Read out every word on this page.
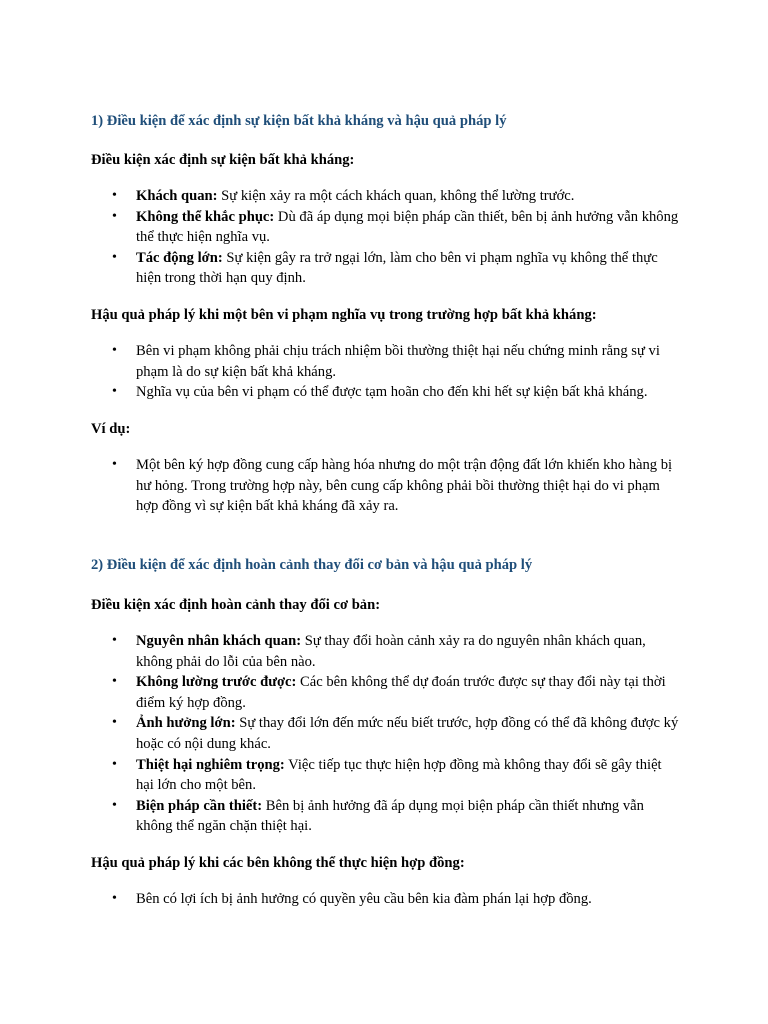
1) Điều kiện để xác định sự kiện bất khả kháng và hậu quả pháp lý

Điều kiện xác định sự kiện bất khả kháng:

• Khách quan: Sự kiện xảy ra một cách khách quan, không thể lường trước.
• Không thể khắc phục: Dù đã áp dụng mọi biện pháp cần thiết, bên bị ảnh hưởng vẫn không thể thực hiện nghĩa vụ.
• Tác động lớn: Sự kiện gây ra trở ngại lớn, làm cho bên vi phạm nghĩa vụ không thể thực hiện trong thời hạn quy định.

Hậu quả pháp lý khi một bên vi phạm nghĩa vụ trong trường hợp bất khả kháng:

• Bên vi phạm không phải chịu trách nhiệm bồi thường thiệt hại nếu chứng minh rằng sự vi phạm là do sự kiện bất khả kháng.
• Nghĩa vụ của bên vi phạm có thể được tạm hoãn cho đến khi hết sự kiện bất khả kháng.

Ví dụ:

• Một bên ký hợp đồng cung cấp hàng hóa nhưng do một trận động đất lớn khiến kho hàng bị hư hỏng. Trong trường hợp này, bên cung cấp không phải bồi thường thiệt hại do vi phạm hợp đồng vì sự kiện bất khả kháng đã xảy ra.
2) Điều kiện để xác định hoàn cảnh thay đổi cơ bản và hậu quả pháp lý

Điều kiện xác định hoàn cảnh thay đổi cơ bản:

• Nguyên nhân khách quan: Sự thay đổi hoàn cảnh xảy ra do nguyên nhân khách quan, không phải do lỗi của bên nào.
• Không lường trước được: Các bên không thể dự đoán trước được sự thay đổi này tại thời điểm ký hợp đồng.
• Ảnh hưởng lớn: Sự thay đổi lớn đến mức nếu biết trước, hợp đồng có thể đã không được ký hoặc có nội dung khác.
• Thiệt hại nghiêm trọng: Việc tiếp tục thực hiện hợp đồng mà không thay đổi sẽ gây thiệt hại lớn cho một bên.
• Biện pháp cần thiết: Bên bị ảnh hưởng đã áp dụng mọi biện pháp cần thiết nhưng vẫn không thể ngăn chặn thiệt hại.

Hậu quả pháp lý khi các bên không thể thực hiện hợp đồng:

• Bên có lợi ích bị ảnh hưởng có quyền yêu cầu bên kia đàm phán lại hợp đồng.
